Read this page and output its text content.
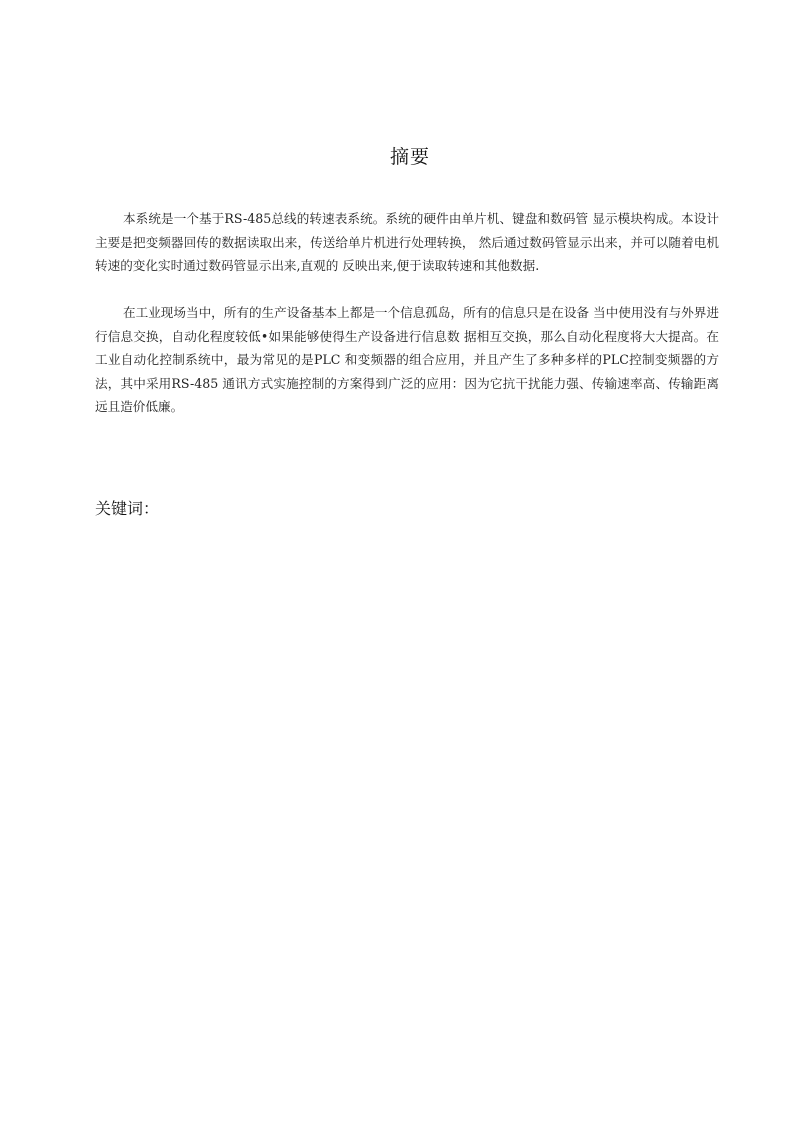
摘要

本系统是一个基于RS-485总线的转速表系统。系统的硬件由单片机、键盘和数码管 显示模块构成。本设计主要是把变频器回传的数据读取出来，传送给单片机进行处理转换， 然后通过数码管显示出来，并可以随着电机转速的变化实时通过数码管显示出来,直观的 反映出来,便于读取转速和其他数据.

在工业现场当中，所有的生产设备基本上都是一个信息孤岛，所有的信息只是在设备 当中使用没有与外界进行信息交换，自动化程度较低•如果能够使得生产设备进行信息数 据相互交换，那么自动化程度将大大提高。在工业自动化控制系统中，最为常见的是PLC 和变频器的组合应用，并且产生了多种多样的PLC控制变频器的方法，其中采用RS-485 通讯方式实施控制的方案得到广泛的应用：因为它抗干扰能力强、传输速率高、传输距离 远且造价低廉。

关键词：
